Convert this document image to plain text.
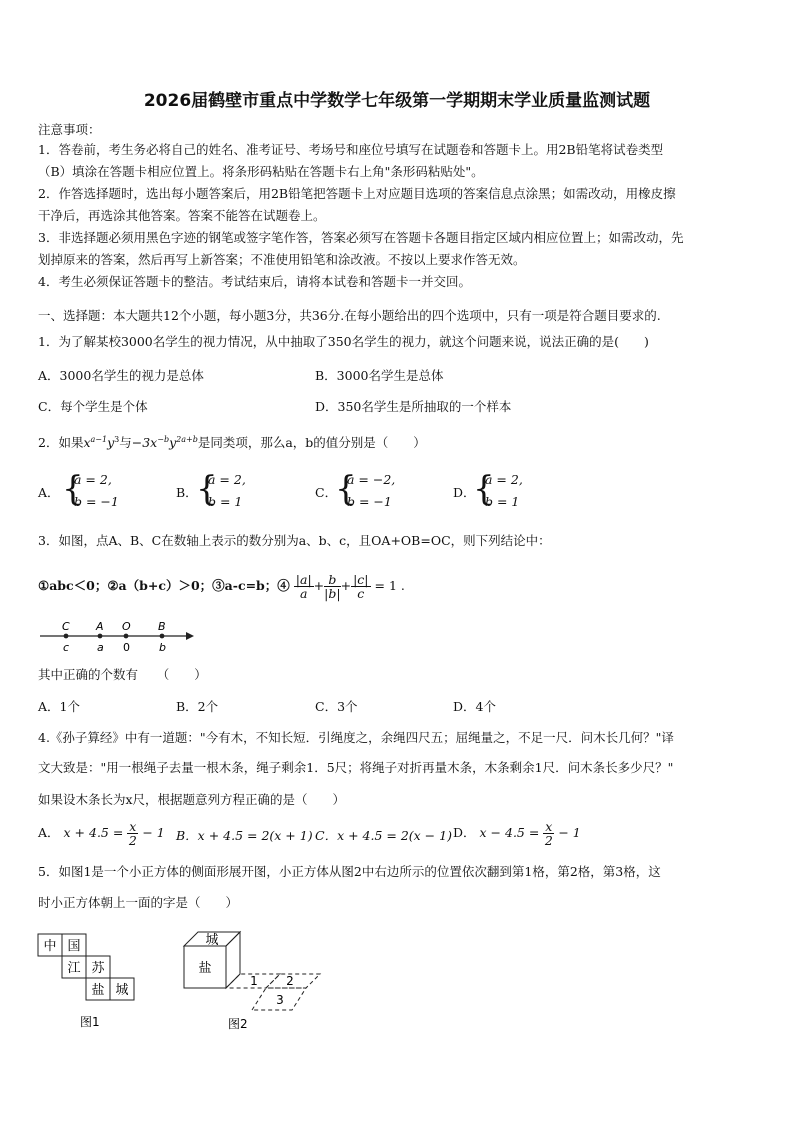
2026届鹤壁市重点中学数学七年级第一学期期末学业质量监测试题
注意事项：
1．答卷前，考生务必将自己的姓名、准考证号、考场号和座位号填写在试题卷和答题卡上。用2B铅笔将试卷类型
（B）填涂在答题卡相应位置上。将条形码粘贴在答题卡右上角"条形码粘贴处"。
2．作答选择题时，选出每小题答案后，用2B铅笔把答题卡上对应题目选项的答案信息点涂黑；如需改动，用橡皮擦
干净后，再选涂其他答案。答案不能答在试题卷上。
3．非选择题必须用黑色字迹的钢笔或签字笔作答，答案必须写在答题卡各题目指定区域内相应位置上；如需改动，先
划掉原来的答案，然后再写上新答案；不准使用铅笔和涂改液。不按以上要求作答无效。
4．考生必须保证答题卡的整洁。考试结束后，请将本试卷和答题卡一并交回。
一、选择题：本大题共12个小题，每小题3分，共36分.在每小题给出的四个选项中，只有一项是符合题目要求的.
1．为了解某校3000名学生的视力情况，从中抽取了350名学生的视力，就这个问题来说，说法正确的是(　　)
A．3000名学生的视力是总体	B．3000名学生是总体
C．每个学生是个体	D．350名学生是所抽取的一个样本
2．如果$x^{a-1}y^3$与$-3x^{-b}y^{2a+b}$是同类项，那么a，b的值分别是（　　）
A． {
a = 2,
b = −1
B．
{
a = 2,
b = 1
C．
{
a = −2,
b = −1
D．
{
a = 2,
b = 1
3．如图，点A、B、C在数轴上表示的数分别为a、b、c，且OA+OB=OC，则下列结论中：
①abc＜0；②a（b+c）＞0；③a-c=b；④ $\frac{|a|}{a} + \frac{b}{|b|} + \frac{|c|}{c} = 1$ .
C A O B
c	a 0	b
其中正确的个数有　　（　　）
A．1个	B．2个	C．3个	D．4个
4.《孙子算经》中有一道题："今有木，不知长短．引绳度之，余绳四尺五；屈绳量之，不足一尺．问木长几何？"译
文大致是："用一根绳子去量一根木条，绳子剩余1．5尺；将绳子对折再量木条，木条剩余1尺．问木条长多少尺？"
如果设木条长为x尺，根据题意列方程正确的是（　　）
A． $x + 4.5 = \frac{x}{2} - 1$ B．x + 4.5 = 2(x + 1) C．x + 4.5 = 2(x − 1) D． $x - 4.5 = \frac{x}{2} - 1$
5．如图1是一个小正方体的侧面形展开图，小正方体从图2中右边所示的位置依次翻到第1格，第2格，第3格，这
时小正方体朝上一面的字是（　　）
中 国
江 苏
盐 城
图1
城
盐
1 2
3
图2
